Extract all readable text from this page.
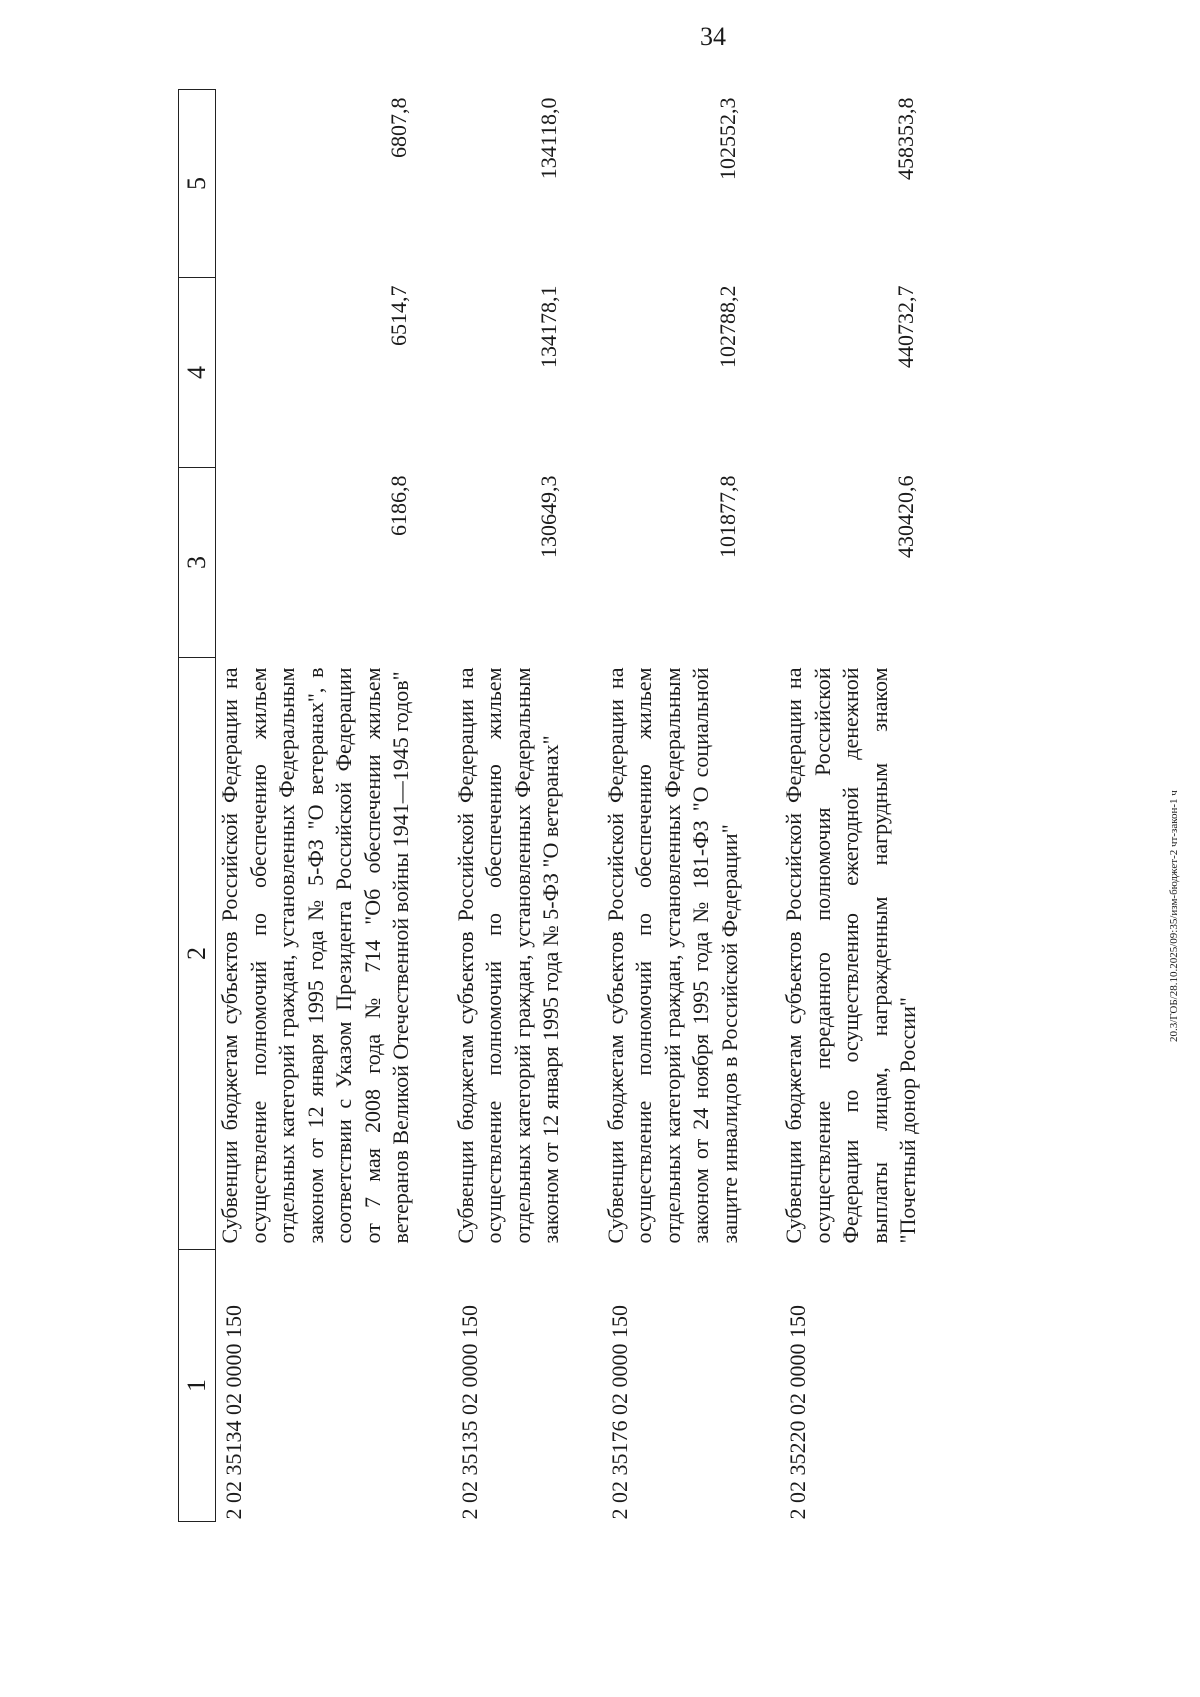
34
20.3/ГОБ/28.10.2025/09:35/изм-бюджет-2 чт-закон-1 ч
1	2	3	4	5
2 02 35134 02 0000 150	Субвенции бюджетам субъектов Российской Федерации на осуществление полномочий по обеспечению жильем отдельных категорий граждан, установленных Федеральным законом от 12 января 1995 года № 5-ФЗ "О ветеранах", в соответствии с Указом Президента Российской Федерации от 7 мая 2008 года № 714 "Об обеспечении жильем ветеранов Великой Отечественной войны 1941—1945 годов"	6186,8	6514,7	6807,8
2 02 35135 02 0000 150	Субвенции бюджетам субъектов Российской Федерации на осуществление полномочий по обеспечению жильем отдельных категорий граждан, установленных Федеральным законом от 12 января 1995 года № 5-ФЗ "О ветеранах"	130649,3	134178,1	134118,0
2 02 35176 02 0000 150	Субвенции бюджетам субъектов Российской Федерации на осуществление полномочий по обеспечению жильем отдельных категорий граждан, установленных Федеральным законом от 24 ноября 1995 года № 181-ФЗ "О социальной защите инвалидов в Российской Федерации"	101877,8	102788,2	102552,3
2 02 35220 02 0000 150	Субвенции бюджетам субъектов Российской Федерации на осуществление переданного полномочия Российской Федерации по осуществлению ежегодной денежной выплаты лицам, награжденным нагрудным знаком "Почетный донор России"	430420,6	440732,7	458353,8
